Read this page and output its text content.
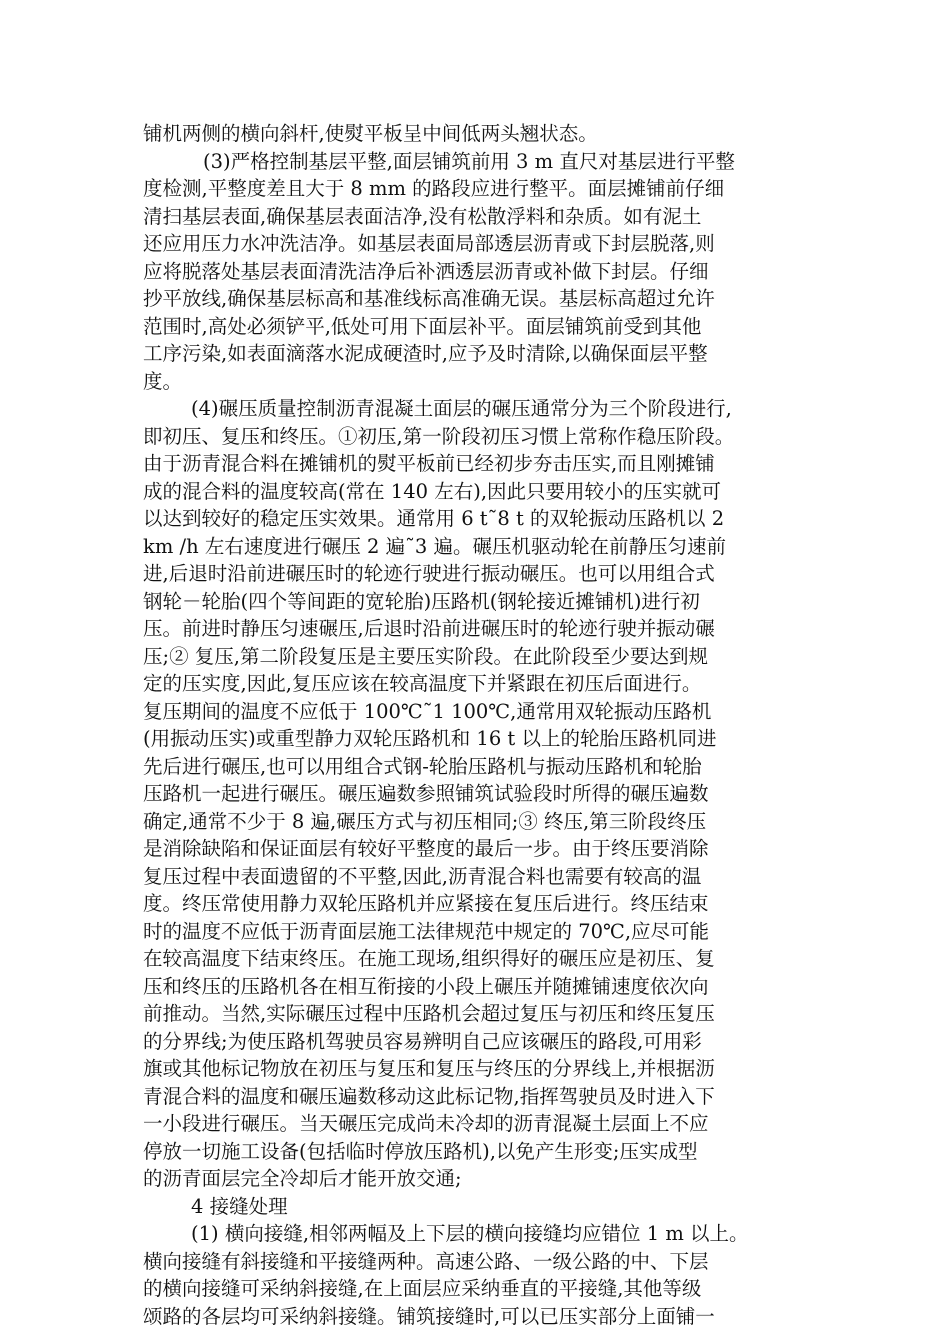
铺机两侧的横向斜杆,使熨平板呈中间低两头翘状态。
(3)严格控制基层平整,面层铺筑前用 3 m 直尺对基层进行平整
度检测,平整度差且大于 8 mm 的路段应进行整平。面层摊铺前仔细
清扫基层表面,确保基层表面洁净,没有松散浮料和杂质。如有泥土
还应用压力水冲洗洁净。如基层表面局部透层沥青或下封层脱落,则
应将脱落处基层表面清洗洁净后补洒透层沥青或补做下封层。仔细
抄平放线,确保基层标高和基准线标高准确无误。基层标高超过允许
范围时,高处必须铲平,低处可用下面层补平。面层铺筑前受到其他
工序污染,如表面滴落水泥成硬渣时,应予及时清除,以确保面层平整
度。
(4)碾压质量控制沥青混凝土面层的碾压通常分为三个阶段进行,
即初压、复压和终压。①初压,第一阶段初压习惯上常称作稳压阶段。
由于沥青混合料在摊铺机的熨平板前已经初步夯击压实,而且刚摊铺
成的混合料的温度较高(常在 140 左右),因此只要用较小的压实就可
以达到较好的稳定压实效果。通常用 6 t˜8 t 的双轮振动压路机以 2
km /h 左右速度进行碾压 2 遍˜3 遍。碾压机驱动轮在前静压匀速前
进,后退时沿前进碾压时的轮迹行驶进行振动碾压。也可以用组合式
钢轮－轮胎(四个等间距的宽轮胎)压路机(钢轮接近摊铺机)进行初
压。前进时静压匀速碾压,后退时沿前进碾压时的轮迹行驶并振动碾
压;② 复压,第二阶段复压是主要压实阶段。在此阶段至少要达到规
定的压实度,因此,复压应该在较高温度下并紧跟在初压后面进行。
复压期间的温度不应低于 100℃˜1 100℃,通常用双轮振动压路机
(用振动压实)或重型静力双轮压路机和 16 t 以上的轮胎压路机同进
先后进行碾压,也可以用组合式钢-轮胎压路机与振动压路机和轮胎
压路机一起进行碾压。碾压遍数参照铺筑试验段时所得的碾压遍数
确定,通常不少于 8 遍,碾压方式与初压相同;③ 终压,第三阶段终压
是消除缺陷和保证面层有较好平整度的最后一步。由于终压要消除
复压过程中表面遗留的不平整,因此,沥青混合料也需要有较高的温
度。终压常使用静力双轮压路机并应紧接在复压后进行。终压结束
时的温度不应低于沥青面层施工法律规范中规定的 70℃,应尽可能
在较高温度下结束终压。在施工现场,组织得好的碾压应是初压、复
压和终压的压路机各在相互衔接的小段上碾压并随摊铺速度依次向
前推动。当然,实际碾压过程中压路机会超过复压与初压和终压复压
的分界线;为使压路机驾驶员容易辨明自己应该碾压的路段,可用彩
旗或其他标记物放在初压与复压和复压与终压的分界线上,并根据沥
青混合料的温度和碾压遍数移动这此标记物,指挥驾驶员及时进入下
一小段进行碾压。当天碾压完成尚未冷却的沥青混凝土层面上不应
停放一切施工设备(包括临时停放压路机),以免产生形变;压实成型
的沥青面层完全冷却后才能开放交通;
4 接缝处理
(1) 横向接缝,相邻两幅及上下层的横向接缝均应错位 1 m 以上。
横向接缝有斜接缝和平接缝两种。高速公路、一级公路的中、下层
的横向接缝可采纳斜接缝,在上面层应采纳垂直的平接缝,其他等级
颂路的各层均可采纳斜接缝。铺筑接缝时,可以已压实部分上面铺一
